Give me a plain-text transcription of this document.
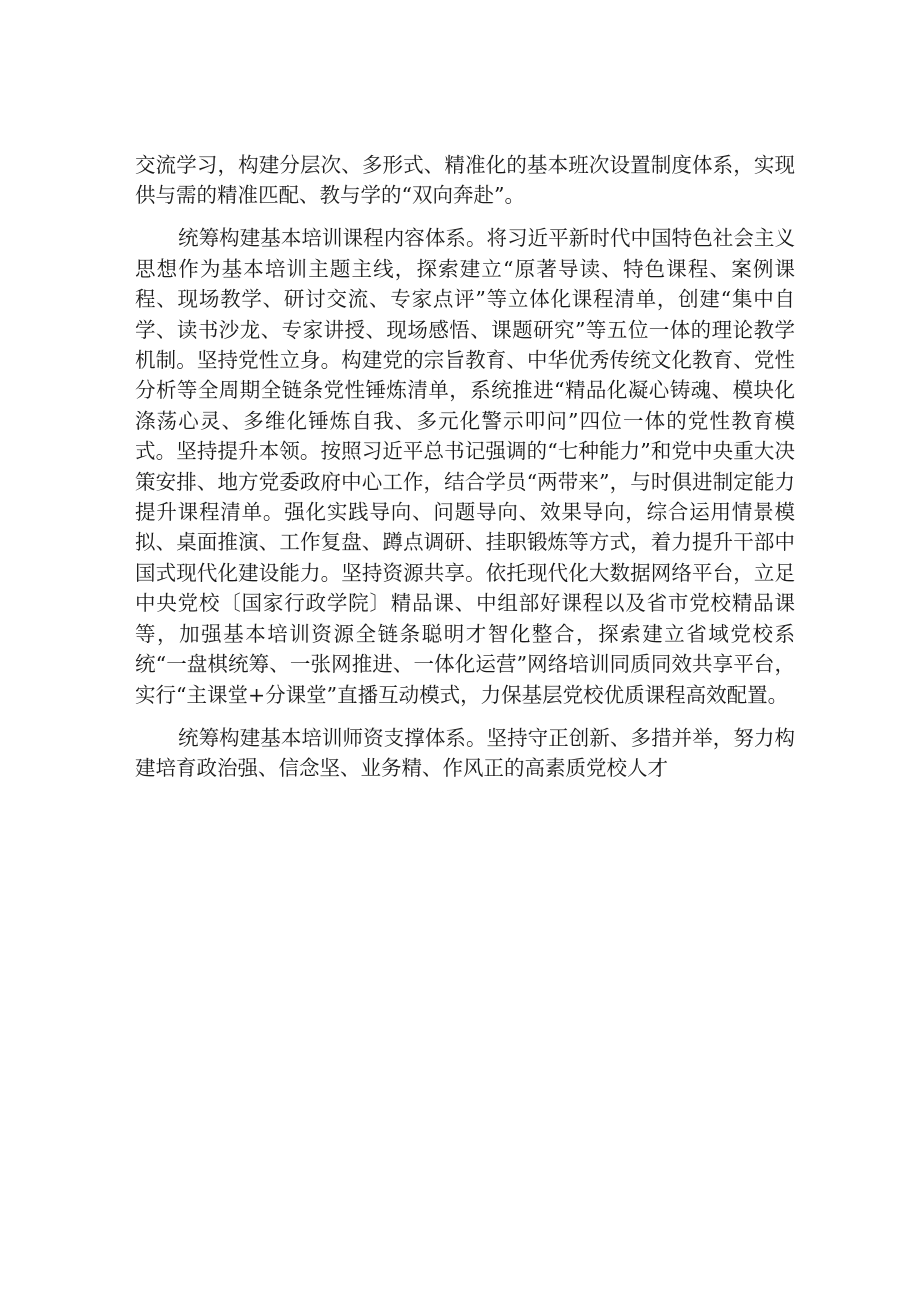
交流学习，构建分层次、多形式、精准化的基本班次设置制度体系，实现供与需的精准匹配、教与学的“双向奔赴”。

统筹构建基本培训课程内容体系。将习近平新时代中国特色社会主义思想作为基本培训主题主线，探索建立“原著导读、特色课程、案例课程、现场教学、研讨交流、专家点评”等立体化课程清单，创建“集中自学、读书沙龙、专家讲授、现场感悟、课题研究”等五位一体的理论教学机制。坚持党性立身。构建党的宗旨教育、中华优秀传统文化教育、党性分析等全周期全链条党性锤炼清单，系统推进“精品化凝心铸魂、模块化涤荡心灵、多维化锤炼自我、多元化警示叩问”四位一体的党性教育模式。坚持提升本领。按照习近平总书记强调的“七种能力”和党中央重大决策安排、地方党委政府中心工作，结合学员“两带来”，与时俱进制定能力提升课程清单。强化实践导向、问题导向、效果导向，综合运用情景模拟、桌面推演、工作复盘、蹲点调研、挂职锻炼等方式，着力提升干部中国式现代化建设能力。坚持资源共享。依托现代化大数据网络平台，立足中央党校〔国家行政学院〕精品课、中组部好课程以及省市党校精品课等，加强基本培训资源全链条聪明才智化整合，探索建立省域党校系统“一盘棋统筹、一张网推进、一体化运营”网络培训同质同效共享平台，实行“主课堂+分课堂”直播互动模式，力保基层党校优质课程高效配置。

统筹构建基本培训师资支撑体系。坚持守正创新、多措并举，努力构建培育政治强、信念坚、业务精、作风正的高素质党校人才
